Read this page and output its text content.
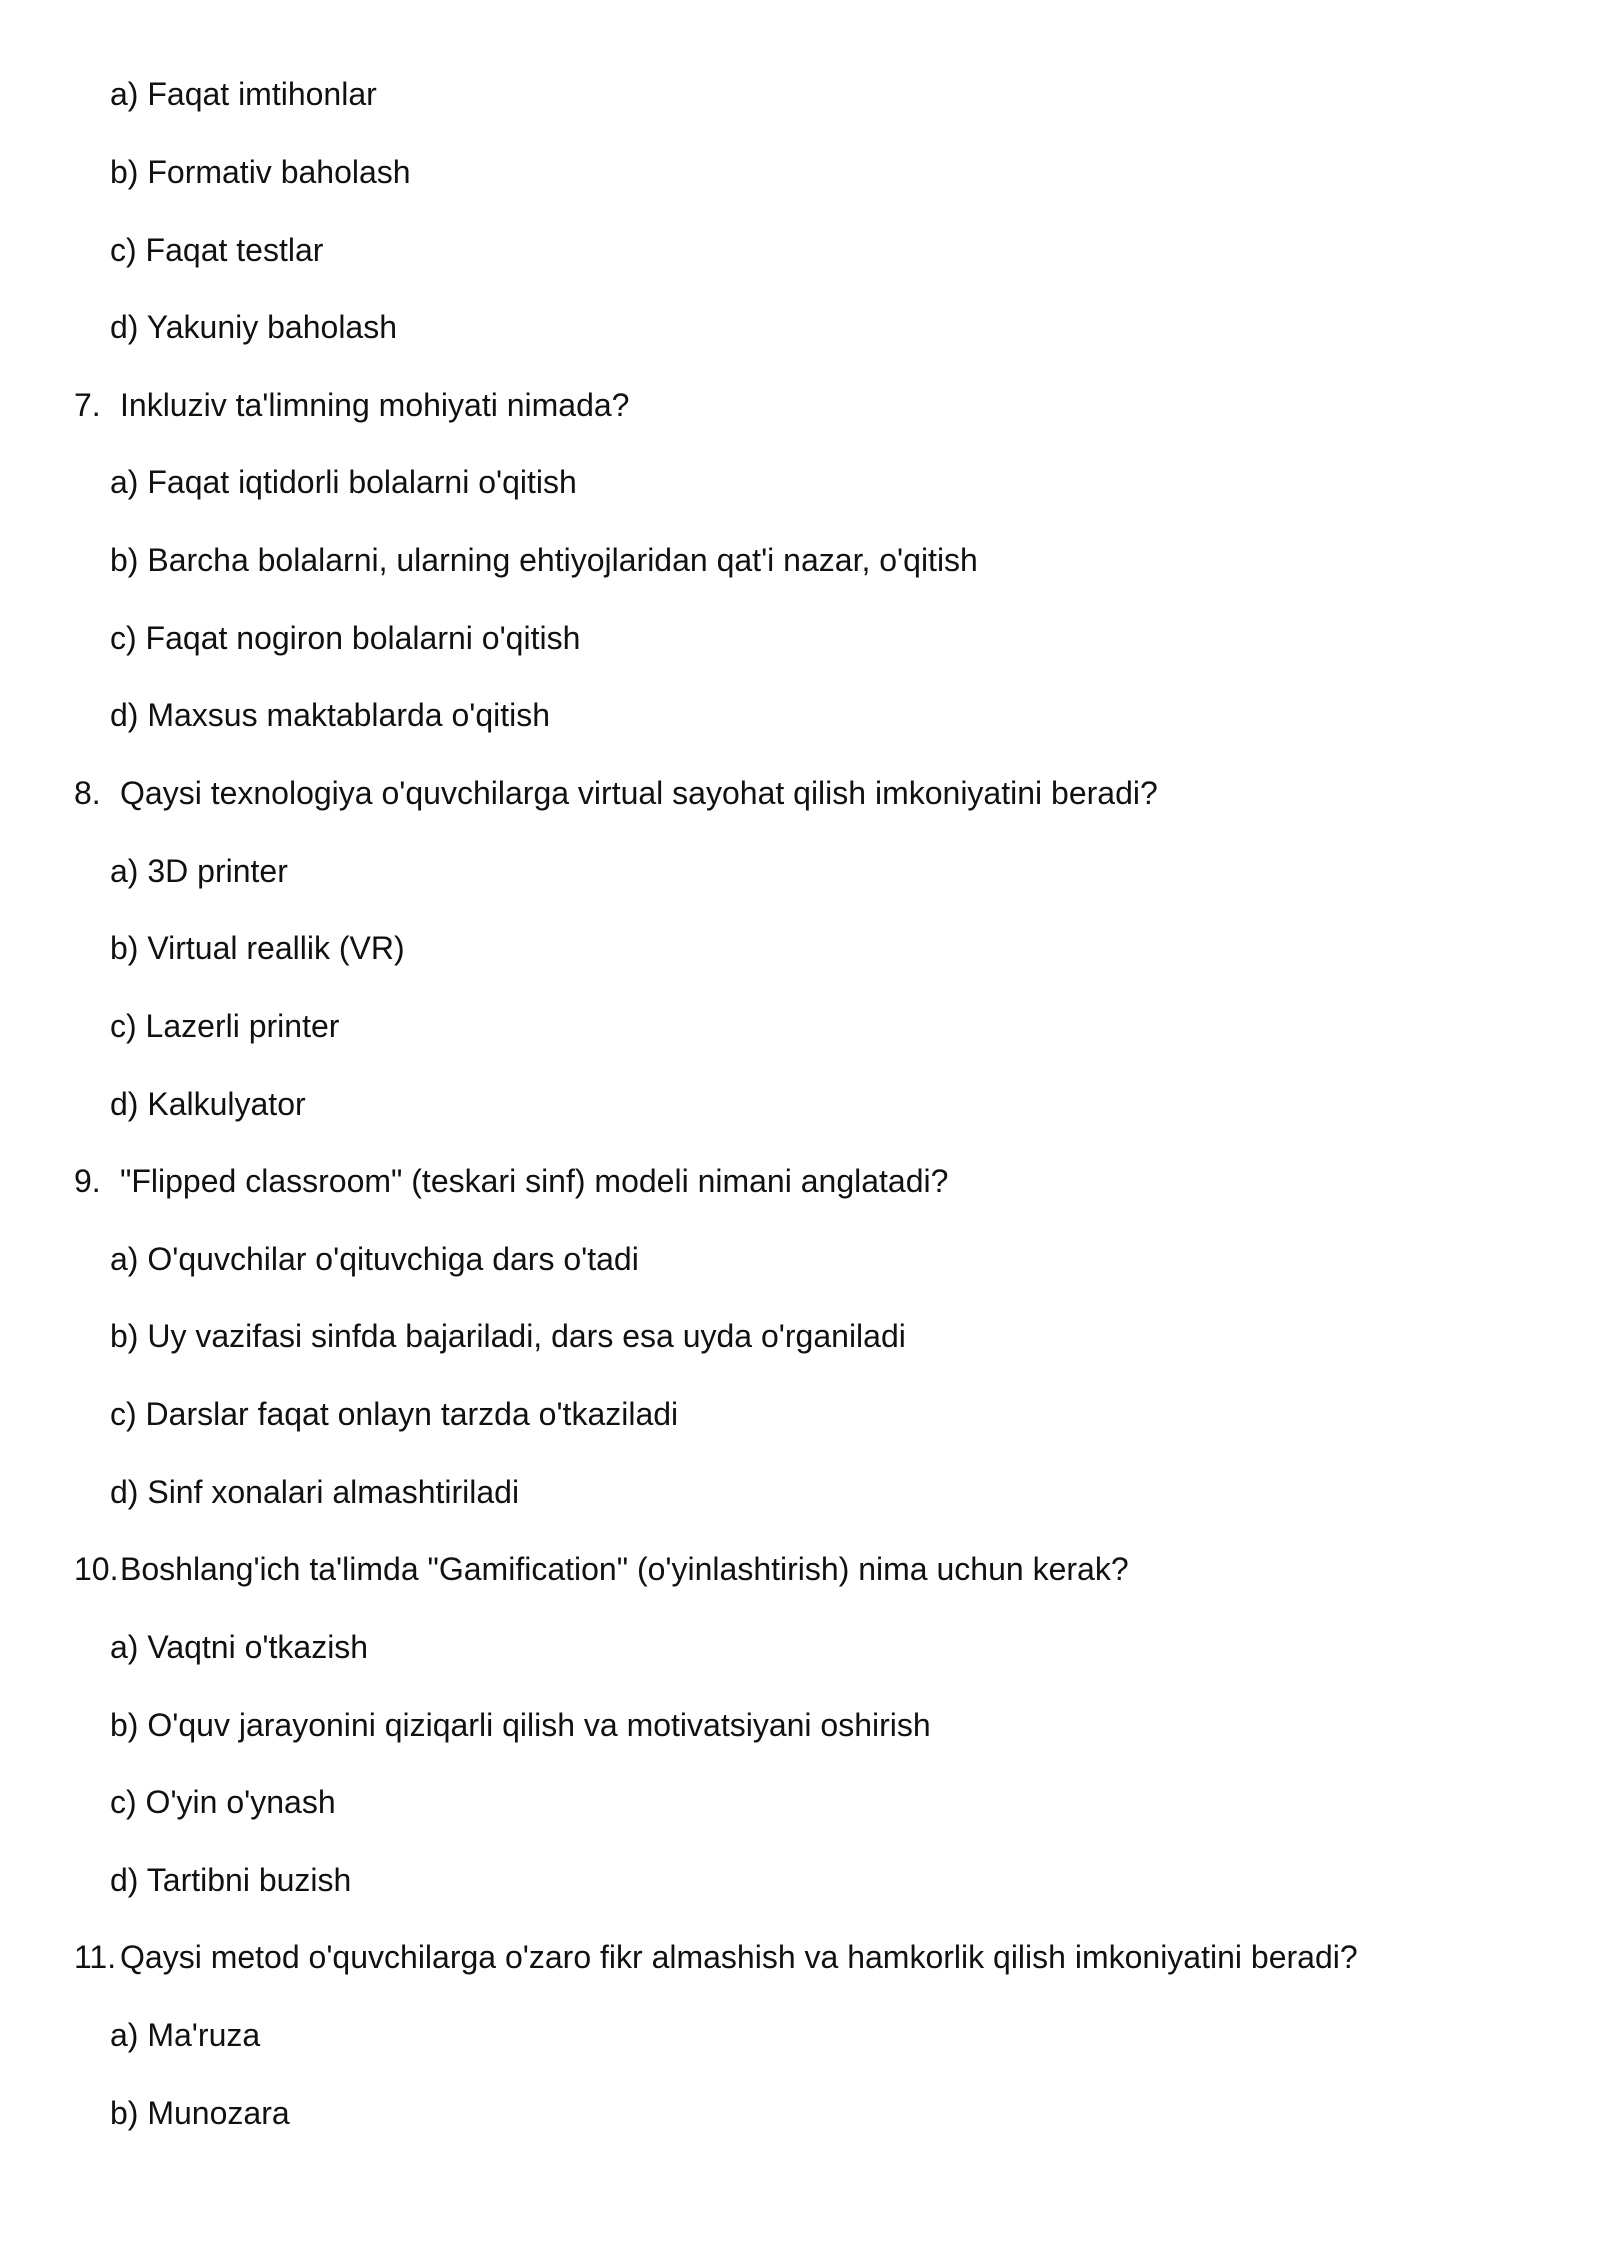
a) Faqat imtihonlar
b) Formativ baholash
c) Faqat testlar
d) Yakuniy baholash
7. Inkluziv ta'limning mohiyati nimada?
a) Faqat iqtidorli bolalarni o'qitish
b) Barcha bolalarni, ularning ehtiyojlaridan qat'i nazar, o'qitish
c) Faqat nogiron bolalarni o'qitish
d) Maxsus maktablarda o'qitish
8. Qaysi texnologiya o'quvchilarga virtual sayohat qilish imkoniyatini beradi?
a) 3D printer
b) Virtual reallik (VR)
c) Lazerli printer
d) Kalkulyator
9. "Flipped classroom" (teskari sinf) modeli nimani anglatadi?
a) O'quvchilar o'qituvchiga dars o'tadi
b) Uy vazifasi sinfda bajariladi, dars esa uyda o'rganiladi
c) Darslar faqat onlayn tarzda o'tkaziladi
d) Sinf xonalari almashtiriladi
10.Boshlang'ich ta'limda "Gamification" (o'yinlashtirish) nima uchun kerak?
a) Vaqtni o'tkazish
b) O'quv jarayonini qiziqarli qilish va motivatsiyani oshirish
c) O'yin o'ynash
d) Tartibni buzish
11. Qaysi metod o'quvchilarga o'zaro fikr almashish va hamkorlik qilish imkoniyatini beradi?
a) Ma'ruza
b) Munozara
